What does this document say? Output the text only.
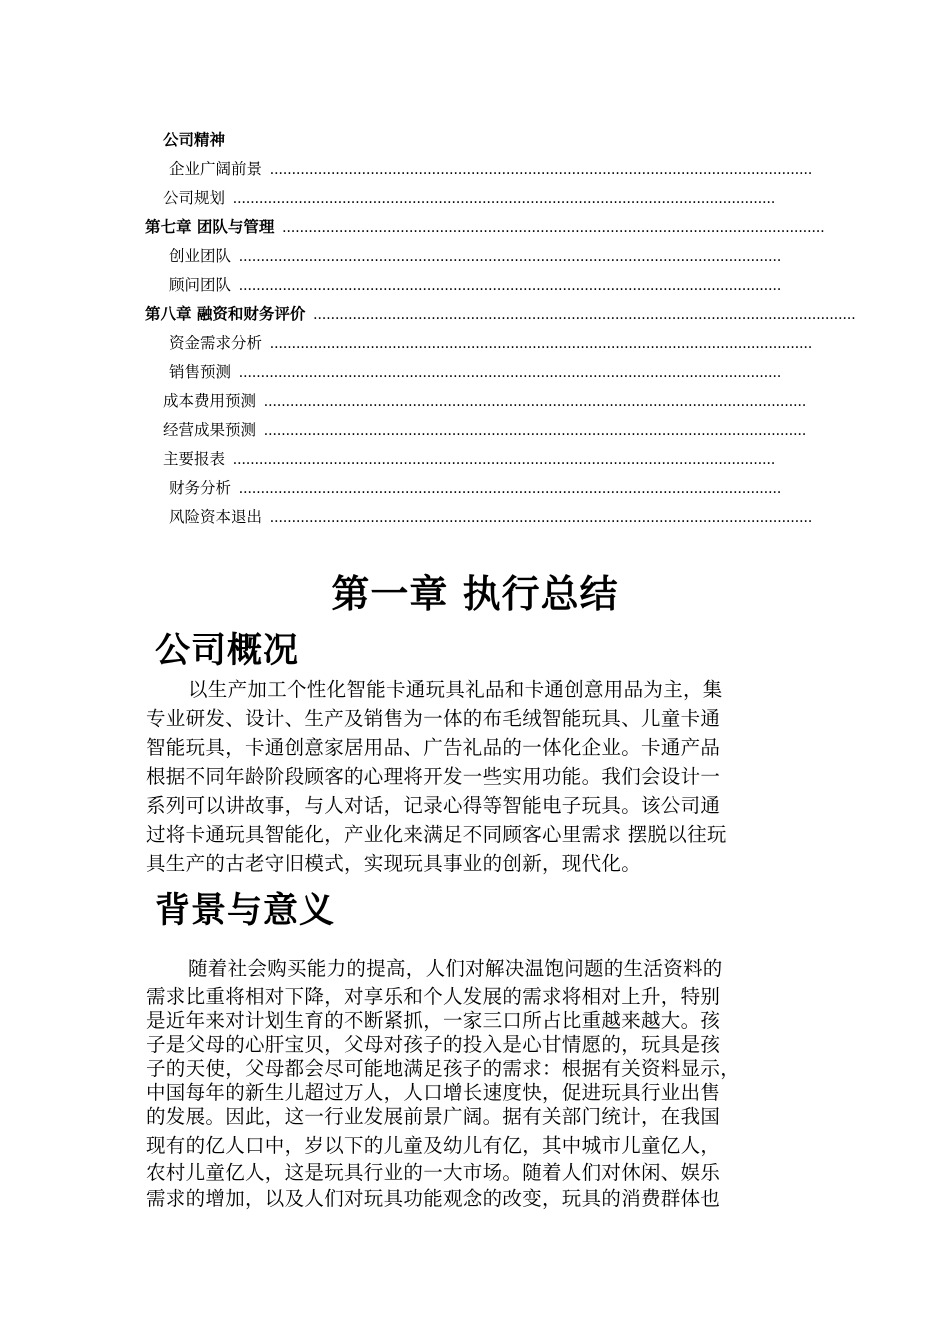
公司精神
企业广阔前景 ............................................................................................................................
公司规划 ............................................................................................................................
第七章 团队与管理 ............................................................................................................................
创业团队 ............................................................................................................................
顾问团队 ............................................................................................................................
第八章 融资和财务评价 ............................................................................................................................
资金需求分析 ............................................................................................................................
销售预测 ............................................................................................................................
成本费用预测 ............................................................................................................................
经营成果预测 ............................................................................................................................
主要报表 ............................................................................................................................
财务分析 ............................................................................................................................
风险资本退出 ............................................................................................................................
第一章 执行总结
公司概况
以生产加工个性化智能卡通玩具礼品和卡通创意用品为主，集
专业研发、设计、生产及销售为一体的布毛绒智能玩具、儿童卡通
智能玩具，卡通创意家居用品、广告礼品的一体化企业。卡通产品
根据不同年龄阶段顾客的心理将开发一些实用功能。我们会设计一
系列可以讲故事，与人对话，记录心得等智能电子玩具。该公司通
过将卡通玩具智能化，产业化来满足不同顾客心里需求 摆脱以往玩
具生产的古老守旧模式，实现玩具事业的创新，现代化。
背景与意义
随着社会购买能力的提高，人们对解决温饱问题的生活资料的
需求比重将相对下降，对享乐和个人发展的需求将相对上升，特别
是近年来对计划生育的不断紧抓，一家三口所占比重越来越大。孩
子是父母的心肝宝贝，父母对孩子的投入是心甘情愿的，玩具是孩
子的天使，父母都会尽可能地满足孩子的需求：根据有关资料显示，
中国每年的新生儿超过万人，人口增长速度快，促进玩具行业出售
的发展。因此，这一行业发展前景广阔。据有关部门统计，在我国
现有的亿人口中，岁以下的儿童及幼儿有亿，其中城市儿童亿人，
农村儿童亿人，这是玩具行业的一大市场。随着人们对休闲、娱乐
需求的增加，以及人们对玩具功能观念的改变，玩具的消费群体也
